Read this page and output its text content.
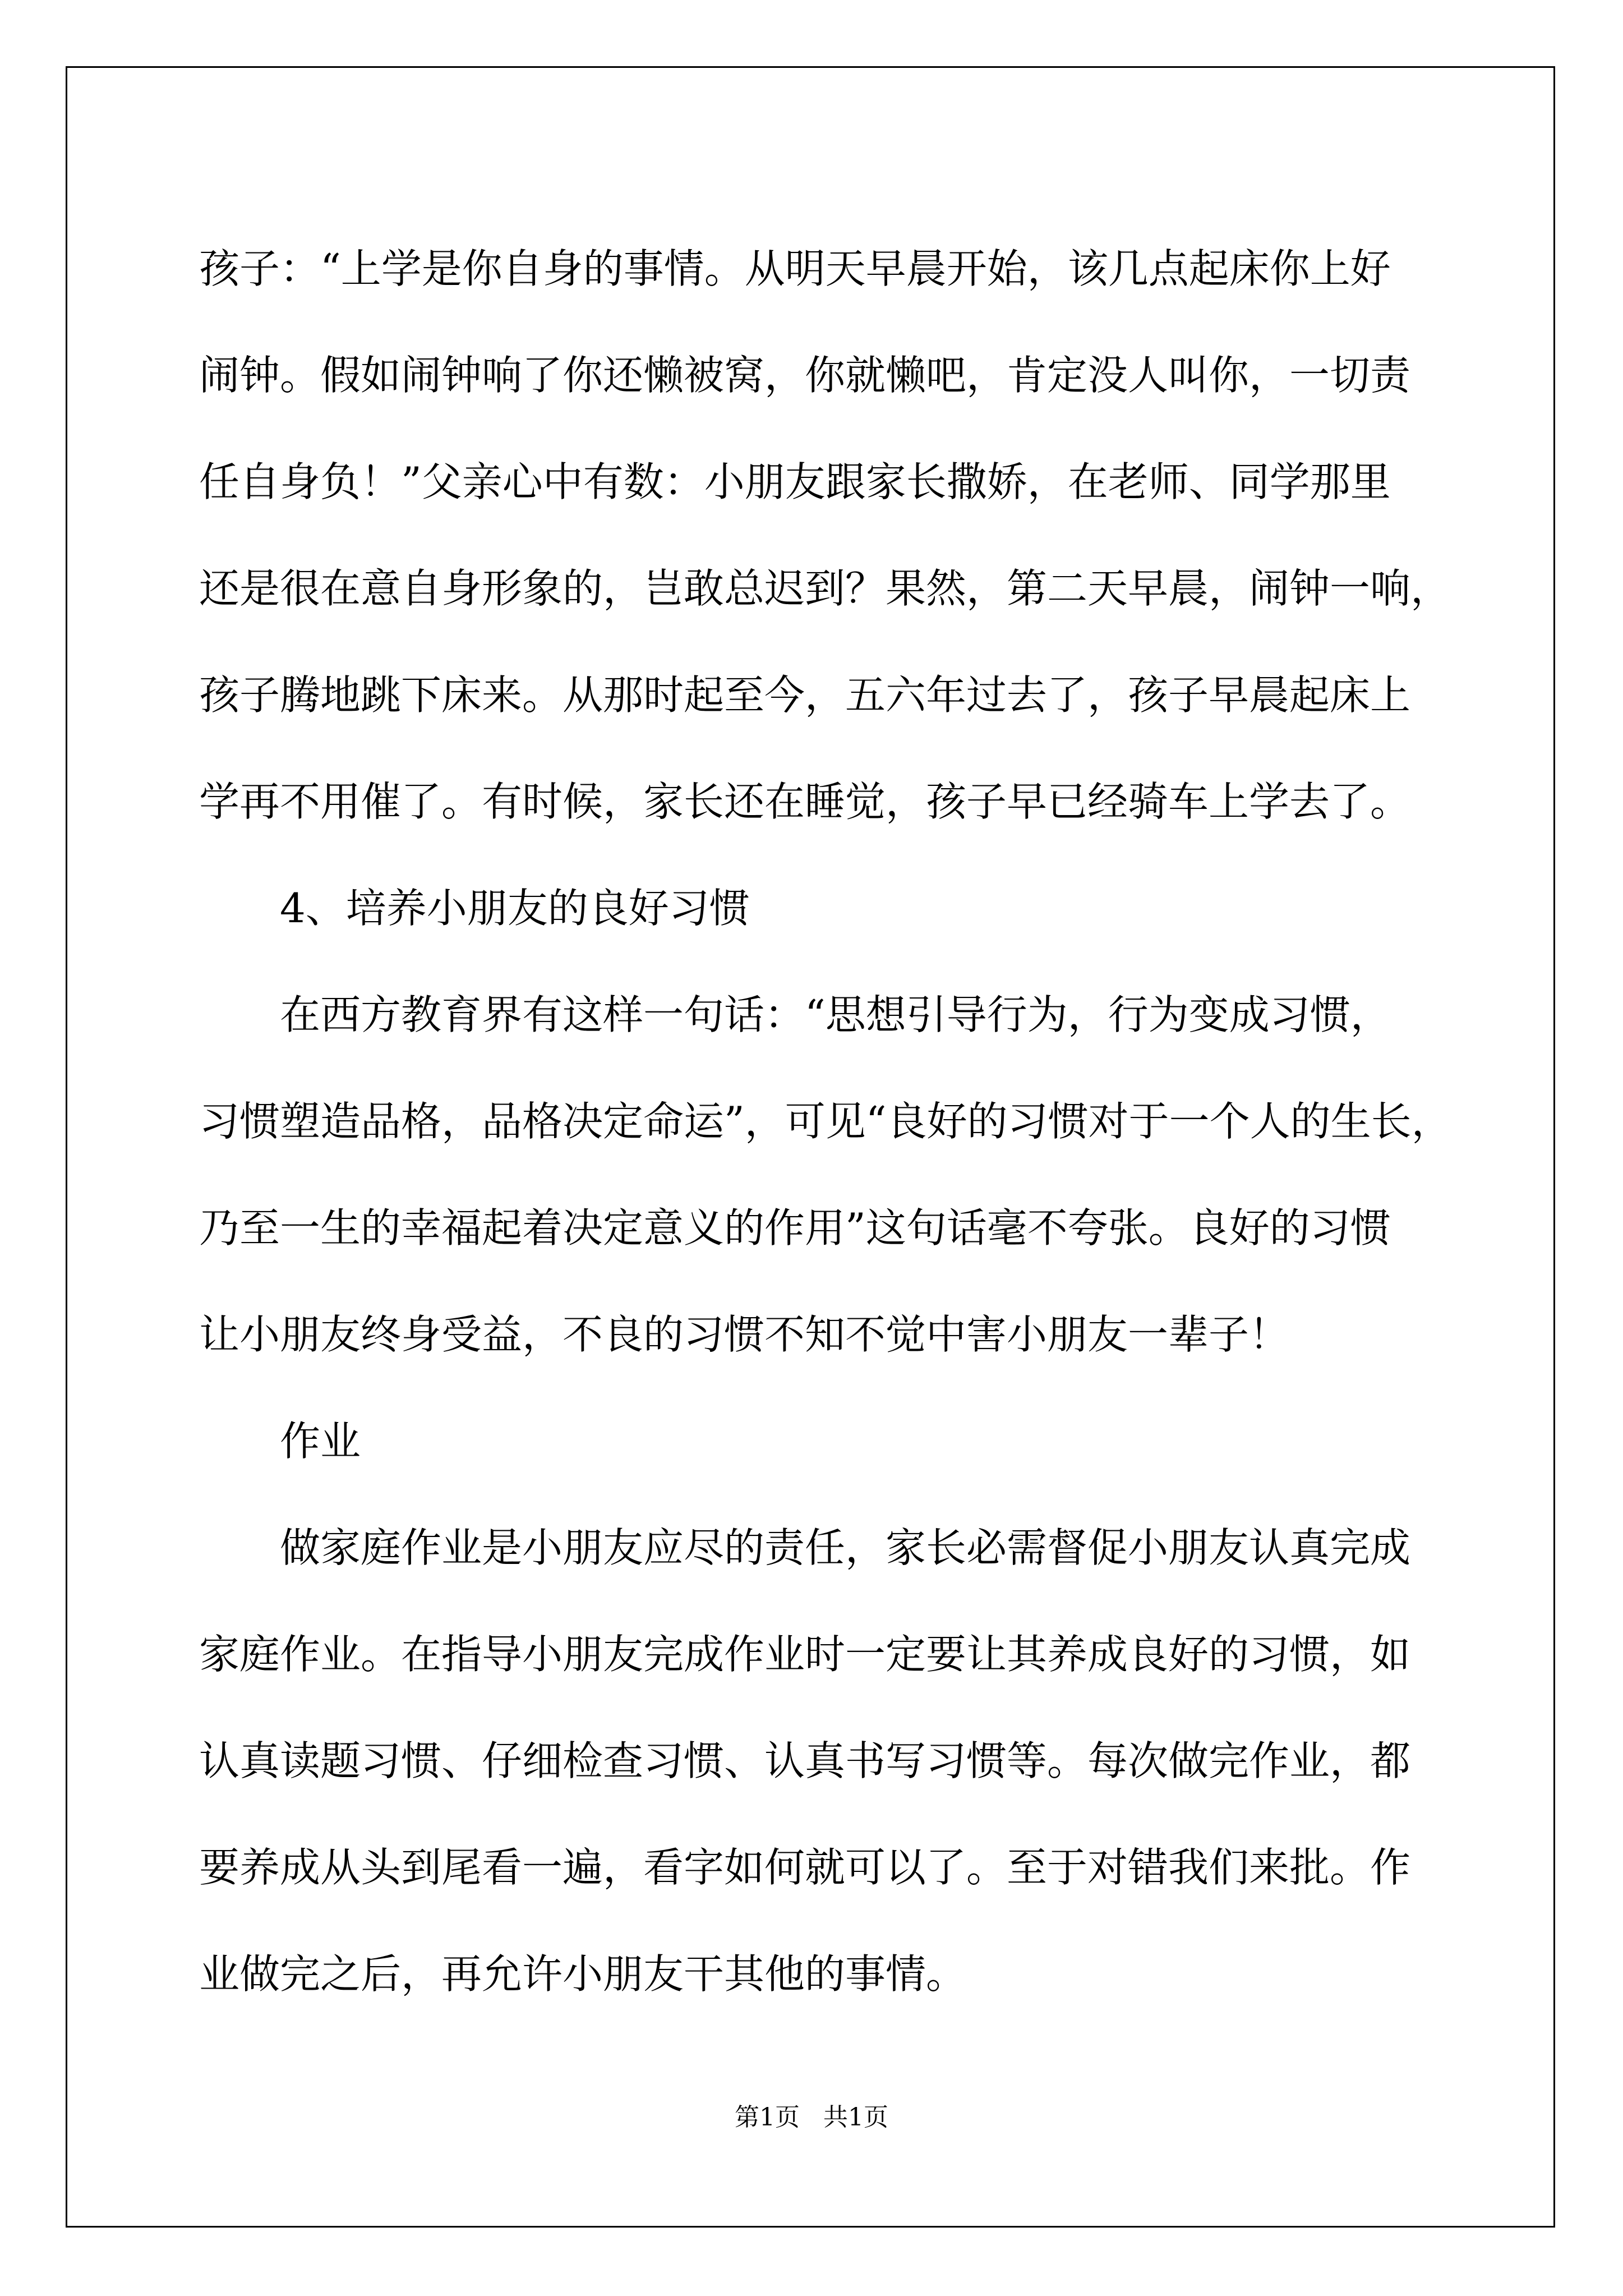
孩子：“上学是你自身的事情。从明天早晨开始，该几点起床你上好
闹钟。假如闹钟响了你还懒被窝，你就懒吧，肯定没人叫你，一切责
任自身负！”父亲心中有数：小朋友跟家长撒娇，在老师、同学那里
还是很在意自身形象的，岂敢总迟到？果然，第二天早晨，闹钟一响，
孩子腾地跳下床来。从那时起至今，五六年过去了，孩子早晨起床上
学再不用催了。有时候，家长还在睡觉，孩子早已经骑车上学去了。
4、培养小朋友的良好习惯
在西方教育界有这样一句话：“思想引导行为，行为变成习惯，
习惯塑造品格，品格决定命运”，可见“良好的习惯对于一个人的生长，
乃至一生的幸福起着决定意义的作用”这句话毫不夸张。良好的习惯
让小朋友终身受益，不良的习惯不知不觉中害小朋友一辈子！
作业
做家庭作业是小朋友应尽的责任，家长必需督促小朋友认真完成
家庭作业。在指导小朋友完成作业时一定要让其养成良好的习惯，如
认真读题习惯、仔细检查习惯、认真书写习惯等。每次做完作业，都
要养成从头到尾看一遍，看字如何就可以了。至于对错我们来批。作
业做完之后，再允许小朋友干其他的事情。
第1页   共1页
